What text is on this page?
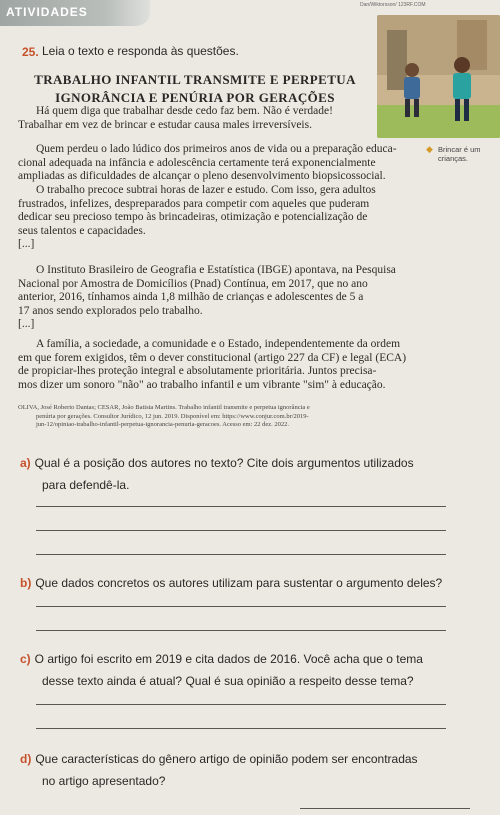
ATIVIDADES	Dan/Wiktorsson/ 123RF.COM
25. Leia o texto e responda às questões.
TRABALHO INFANTIL TRANSMITE E PERPETUA
IGNORÂNCIA E PENÚRIA POR GERAÇÕES
◆ Brincar é um
crianças.
Há quem diga que trabalhar desde cedo faz bem. Não é verdade!
Trabalhar em vez de brincar e estudar causa males irreversíveis.
Quem perdeu o lado lúdico dos primeiros anos de vida ou a preparação educa-
cional adequada na infância e adolescência certamente terá exponencialmente
ampliadas as dificuldades de alcançar o pleno desenvolvimento biopsicossocial.
O trabalho precoce subtrai horas de lazer e estudo. Com isso, gera adultos
frustrados, infelizes, despreparados para competir com aqueles que puderam
dedicar seu precioso tempo às brincadeiras, otimização e potencialização de
seus talentos e capacidades.
[...]
O Instituto Brasileiro de Geografia e Estatística (IBGE) apontava, na Pesquisa
Nacional por Amostra de Domicílios (Pnad) Contínua, em 2017, que no ano
anterior, 2016, tínhamos ainda 1,8 milhão de crianças e adolescentes de 5 a
17 anos sendo explorados pelo trabalho.
[...]
A família, a sociedade, a comunidade e o Estado, independentemente da ordem
em que forem exigidos, têm o dever constitucional (artigo 227 da CF) e legal (ECA)
de propiciar-lhes proteção integral e absolutamente prioritária. Juntos precisa-
mos dizer um sonoro "não" ao trabalho infantil e um vibrante "sim" à educação.
OLIVA, José Roberto Dantas; CESAR, João Batista Martins. Trabalho infantil transmite e perpetua ignorância e
penúria por gerações. Consultor Jurídico, 12 jun. 2019. Disponível em: https://www.conjur.com.br/2019-
jun-12/opiniao-trabalho-infantil-perpetua-ignorancia-penuria-geracoes. Acesso em: 22 dez. 2022.
a) Qual é a posição dos autores no texto? Cite dois argumentos utilizados
para defendê-la.
b) Que dados concretos os autores utilizam para sustentar o argumento deles?
c) O artigo foi escrito em 2019 e cita dados de 2016. Você acha que o tema
desse texto ainda é atual? Qual é sua opinião a respeito desse tema?
d) Que características do gênero artigo de opinião podem ser encontradas
no artigo apresentado?
